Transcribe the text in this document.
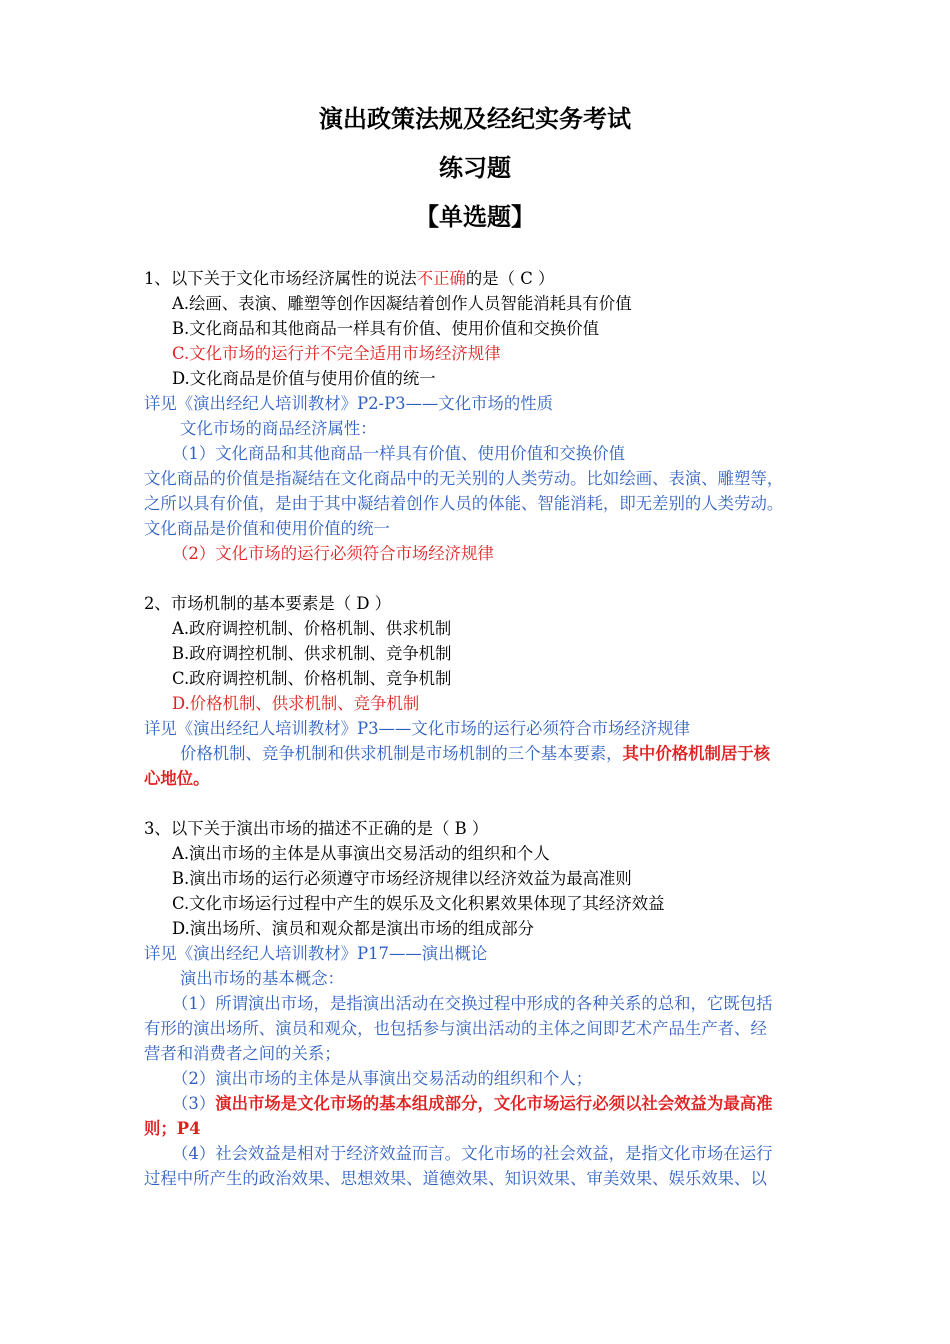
演出政策法规及经纪实务考试
练习题
【单选题】

1、以下关于文化市场经济属性的说法不正确的是（ C ）

A.绘画、表演、雕塑等创作因凝结着创作人员智能消耗具有价值

B.文化商品和其他商品一样具有价值、使用价值和交换价值

C.文化市场的运行并不完全适用市场经济规律

D.文化商品是价值与使用价值的统一

详见《演出经纪人培训教材》P2-P3——文化市场的性质

文化市场的商品经济属性：

（1）文化商品和其他商品一样具有价值、使用价值和交换价值

文化商品的价值是指凝结在文化商品中的无关别的人类劳动。比如绘画、表演、雕塑等，

之所以具有价值，是由于其中凝结着创作人员的体能、智能消耗，即无差别的人类劳动。

文化商品是价值和使用价值的统一

（2）文化市场的运行必须符合市场经济规律

2、市场机制的基本要素是（ D ）

A.政府调控机制、价格机制、供求机制

B.政府调控机制、供求机制、竞争机制

C.政府调控机制、价格机制、竞争机制

D.价格机制、供求机制、竞争机制

详见《演出经纪人培训教材》P3——文化市场的运行必须符合市场经济规律

价格机制、竞争机制和供求机制是市场机制的三个基本要素，其中价格机制居于核

心地位。

3、以下关于演出市场的描述不正确的是（ B ）

A.演出市场的主体是从事演出交易活动的组织和个人

B.演出市场的运行必须遵守市场经济规律以经济效益为最高准则

C.文化市场运行过程中产生的娱乐及文化积累效果体现了其经济效益

D.演出场所、演员和观众都是演出市场的组成部分

详见《演出经纪人培训教材》P17——演出概论

演出市场的基本概念：

（1）所谓演出市场，是指演出活动在交换过程中形成的各种关系的总和，它既包括

有形的演出场所、演员和观众，也包括参与演出活动的主体之间即艺术产品生产者、经

营者和消费者之间的关系；

（2）演出市场的主体是从事演出交易活动的组织和个人；

（3）演出市场是文化市场的基本组成部分，文化市场运行必须以社会效益为最高准

则；P4

（4）社会效益是相对于经济效益而言。文化市场的社会效益，是指文化市场在运行

过程中所产生的政治效果、思想效果、道德效果、知识效果、审美效果、娱乐效果、以
